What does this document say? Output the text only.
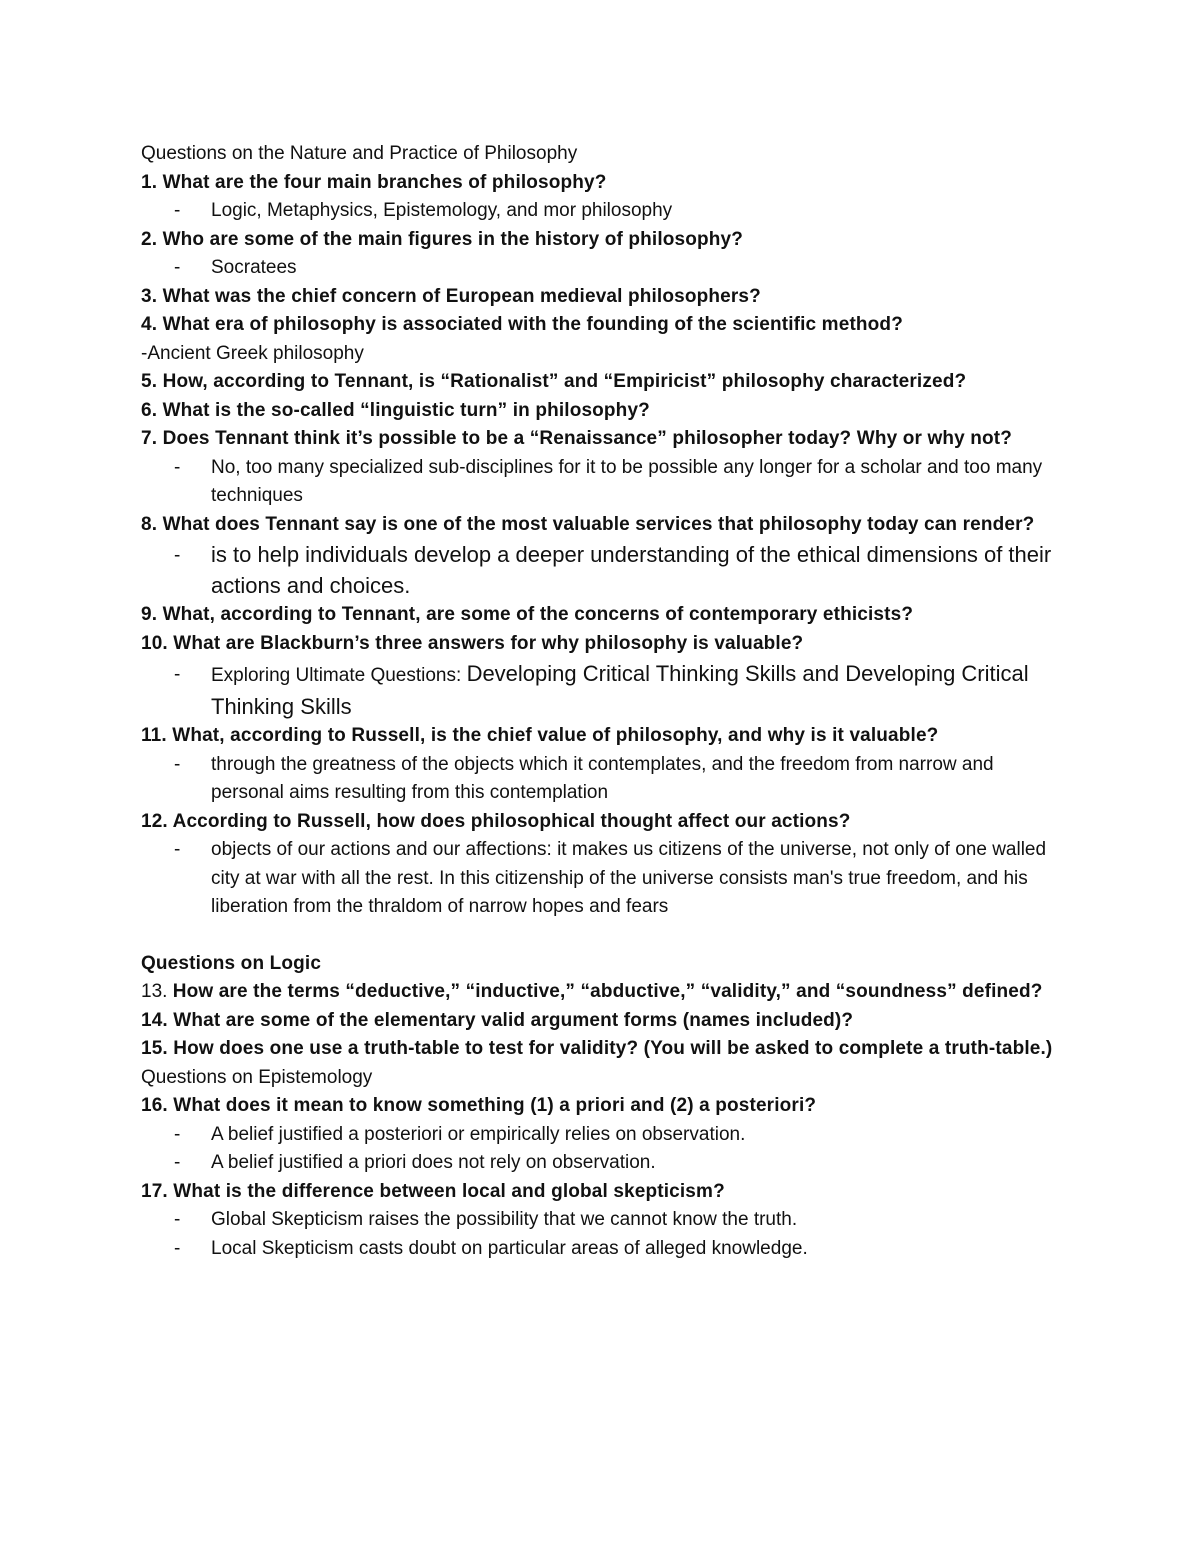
Questions on the Nature and Practice of Philosophy

1. What are the four main branches of philosophy?

- Logic, Metaphysics, Epistemology, and mor philosophy

2. Who are some of the main figures in the history of philosophy?

- Socratees

3. What was the chief concern of European medieval philosophers?

4. What era of philosophy is associated with the founding of the scientific method?

-Ancient Greek philosophy

5. How, according to Tennant, is “Rationalist” and “Empiricist” philosophy characterized?

6. What is the so-called “linguistic turn” in philosophy?

7. Does Tennant think it’s possible to be a “Renaissance” philosopher today? Why or why not?

- No, too many specialized sub-disciplines for it to be possible any longer for a scholar and too many techniques

8. What does Tennant say is one of the most valuable services that philosophy today can render?

- is to help individuals develop a deeper understanding of the ethical dimensions of their actions and choices.

9. What, according to Tennant, are some of the concerns of contemporary ethicists?

10. What are Blackburn’s three answers for why philosophy is valuable?

- Exploring Ultimate Questions: Developing Critical Thinking Skills and Developing Critical Thinking Skills

11. What, according to Russell, is the chief value of philosophy, and why is it valuable?

- through the greatness of the objects which it contemplates, and the freedom from narrow and personal aims resulting from this contemplation

12. According to Russell, how does philosophical thought affect our actions?

- objects of our actions and our affections: it makes us citizens of the universe, not only of one walled city at war with all the rest. In this citizenship of the universe consists man's true freedom, and his liberation from the thraldom of narrow hopes and fears

Questions on Logic

13. How are the terms “deductive,” “inductive,” “abductive,” “validity,” and “soundness” defined?

14. What are some of the elementary valid argument forms (names included)?

15. How does one use a truth-table to test for validity? (You will be asked to complete a truth-table.)

Questions on Epistemology

16. What does it mean to know something (1) a priori and (2) a posteriori?

- A belief justified a posteriori or empirically relies on observation.
- A belief justified a priori does not rely on observation.

17. What is the difference between local and global skepticism?

- Global Skepticism raises the possibility that we cannot know the truth.
- Local Skepticism casts doubt on particular areas of alleged knowledge.
